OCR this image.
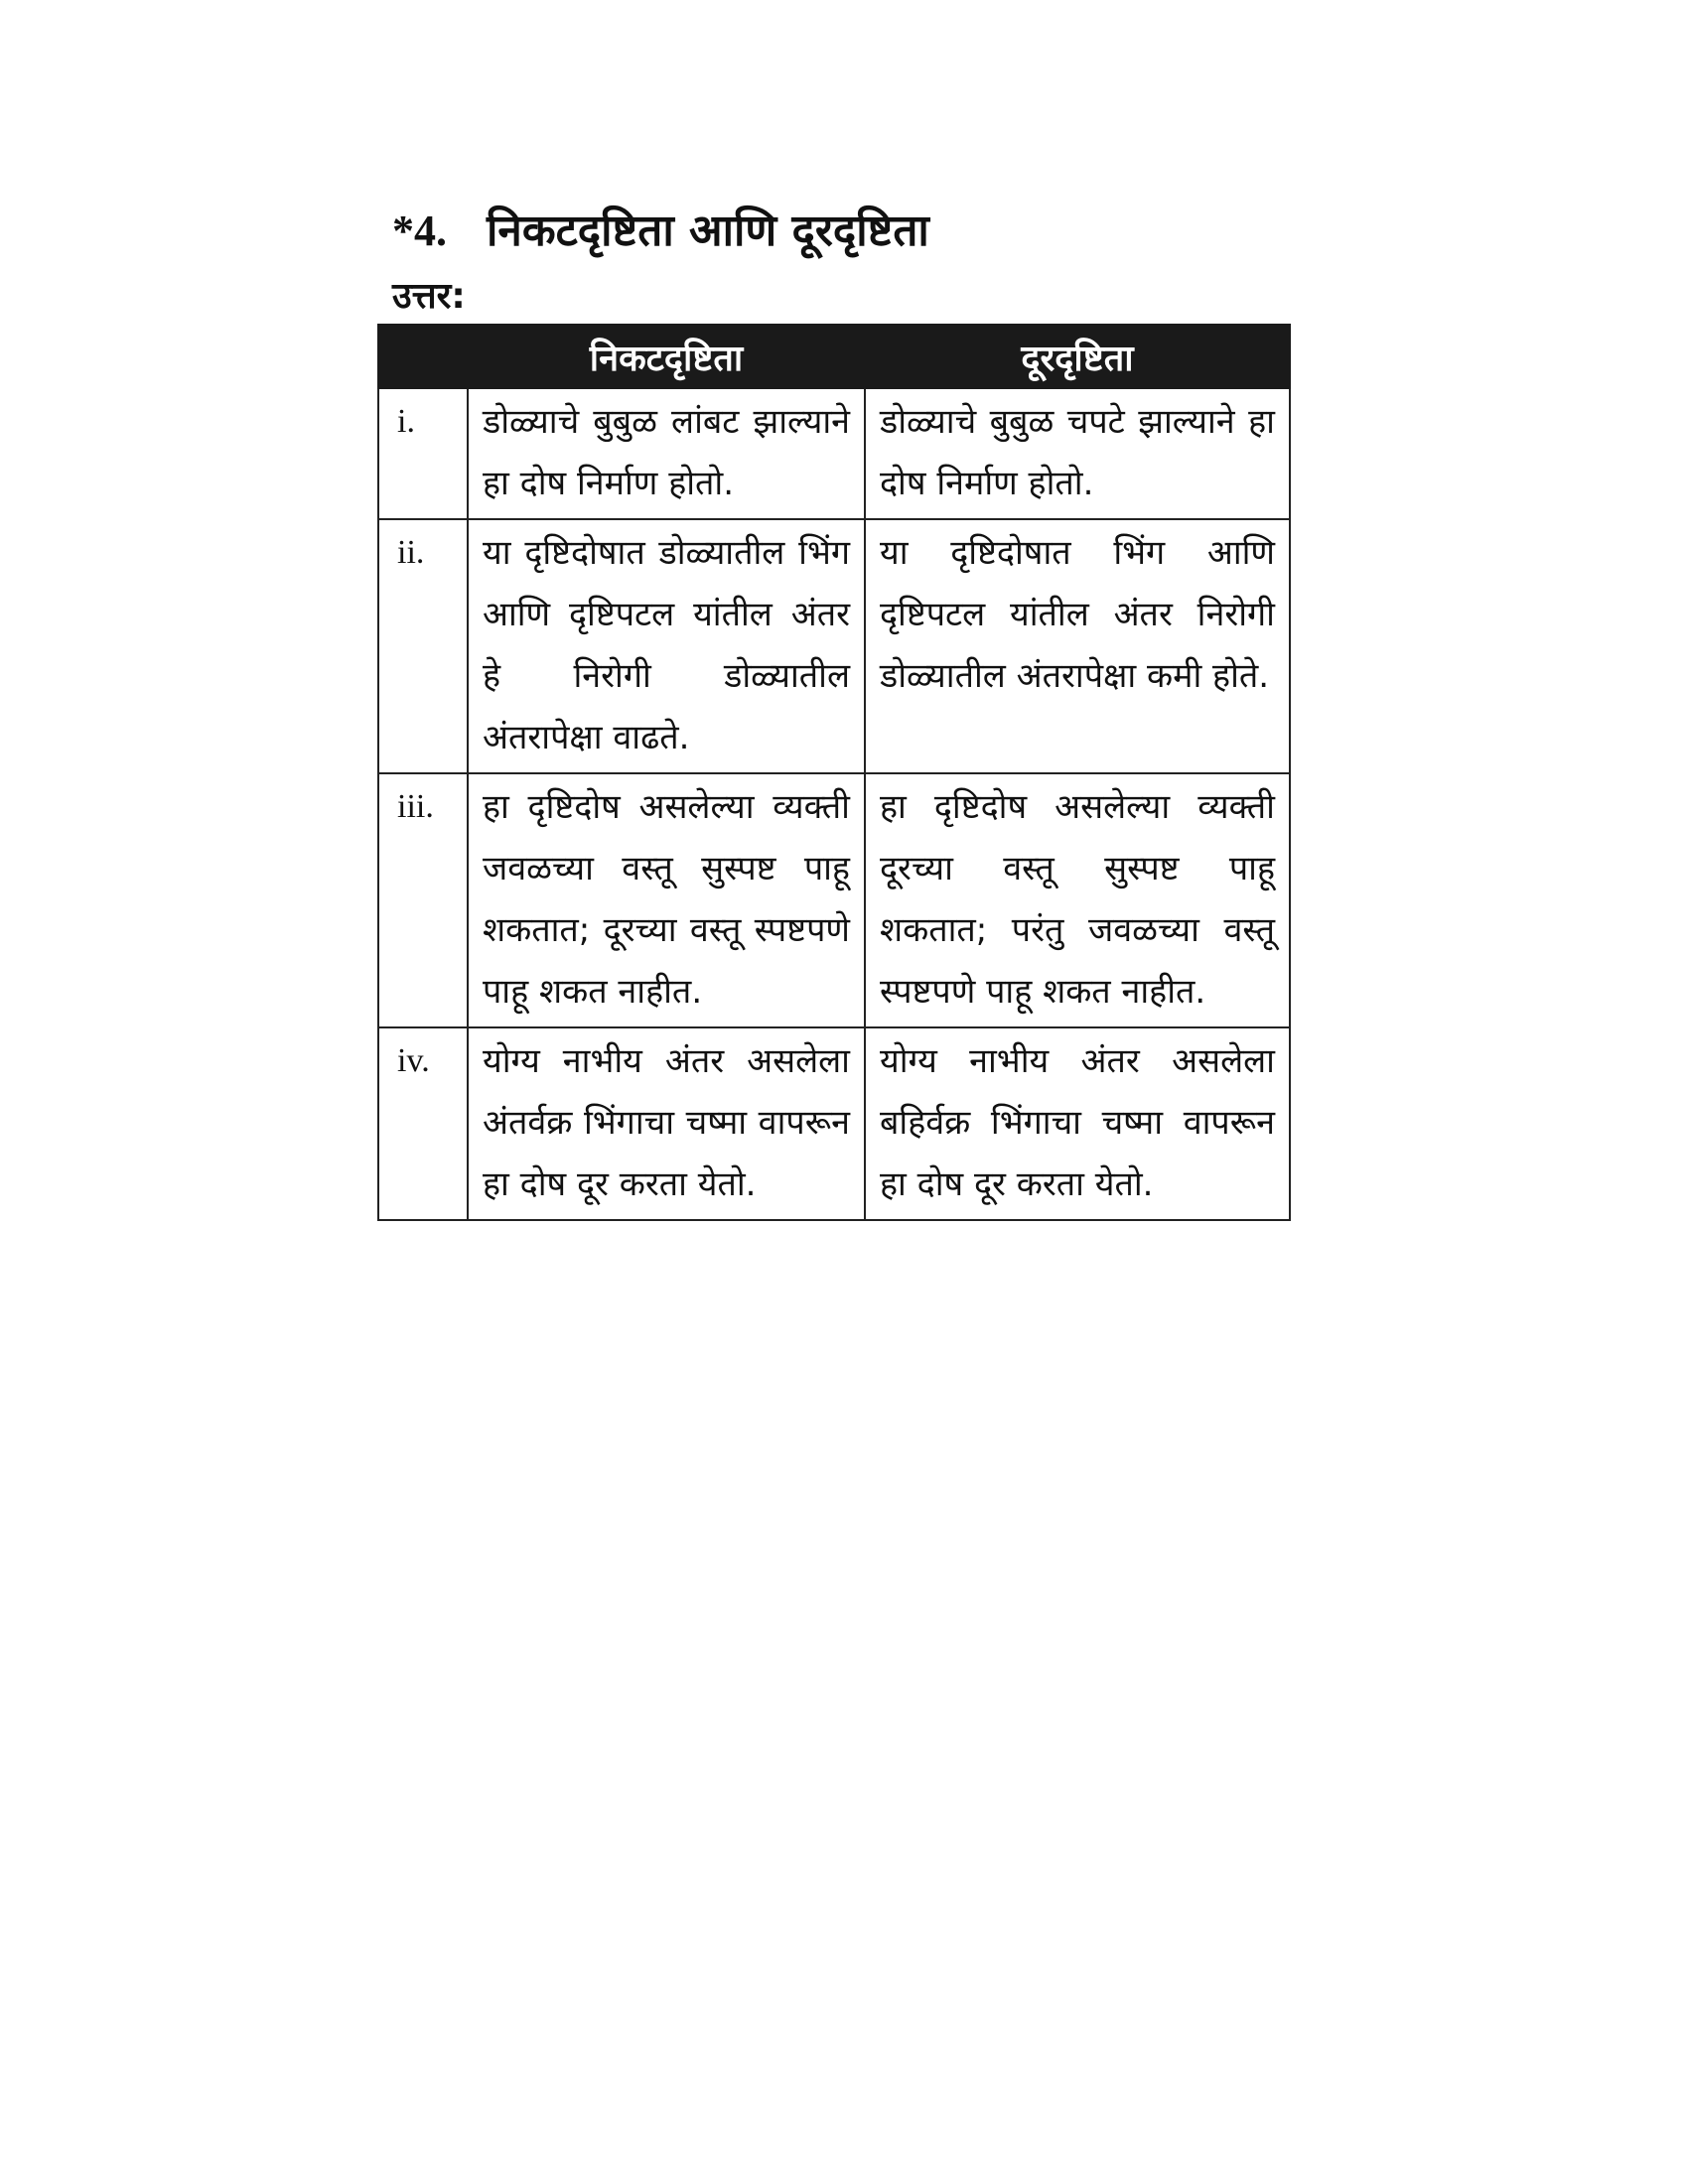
*4. निकटदृष्टिता आणि दूरदृष्टिता
उत्तर:
	निकटदृष्टिता	दूरदृष्टिता
i.	डोळ्याचे बुबुळ लांबट झाल्याने हा दोष निर्माण होतो.	डोळ्याचे बुबुळ चपटे झाल्याने हा दोष निर्माण होतो.
ii.	या दृष्टिदोषात डोळ्यातील भिंग आणि दृष्टिपटल यांतील अंतर हे निरोगी डोळ्यातील अंतरापेक्षा वाढते.	या दृष्टिदोषात भिंग आणि दृष्टिपटल यांतील अंतर निरोगी डोळ्यातील अंतरापेक्षा कमी होते.
iii.	हा दृष्टिदोष असलेल्या व्यक्ती जवळच्या वस्तू सुस्पष्ट पाहू शकतात; दूरच्या वस्तू स्पष्टपणे पाहू शकत नाहीत.	हा दृष्टिदोष असलेल्या व्यक्ती दूरच्या वस्तू सुस्पष्ट पाहू शकतात; परंतु जवळच्या वस्तू स्पष्टपणे पाहू शकत नाहीत.
iv.	योग्य नाभीय अंतर असलेला अंतर्वक्र भिंगाचा चष्मा वापरून हा दोष दूर करता येतो.	योग्य नाभीय अंतर असलेला बहिर्वक्र भिंगाचा चष्मा वापरून हा दोष दूर करता येतो.
